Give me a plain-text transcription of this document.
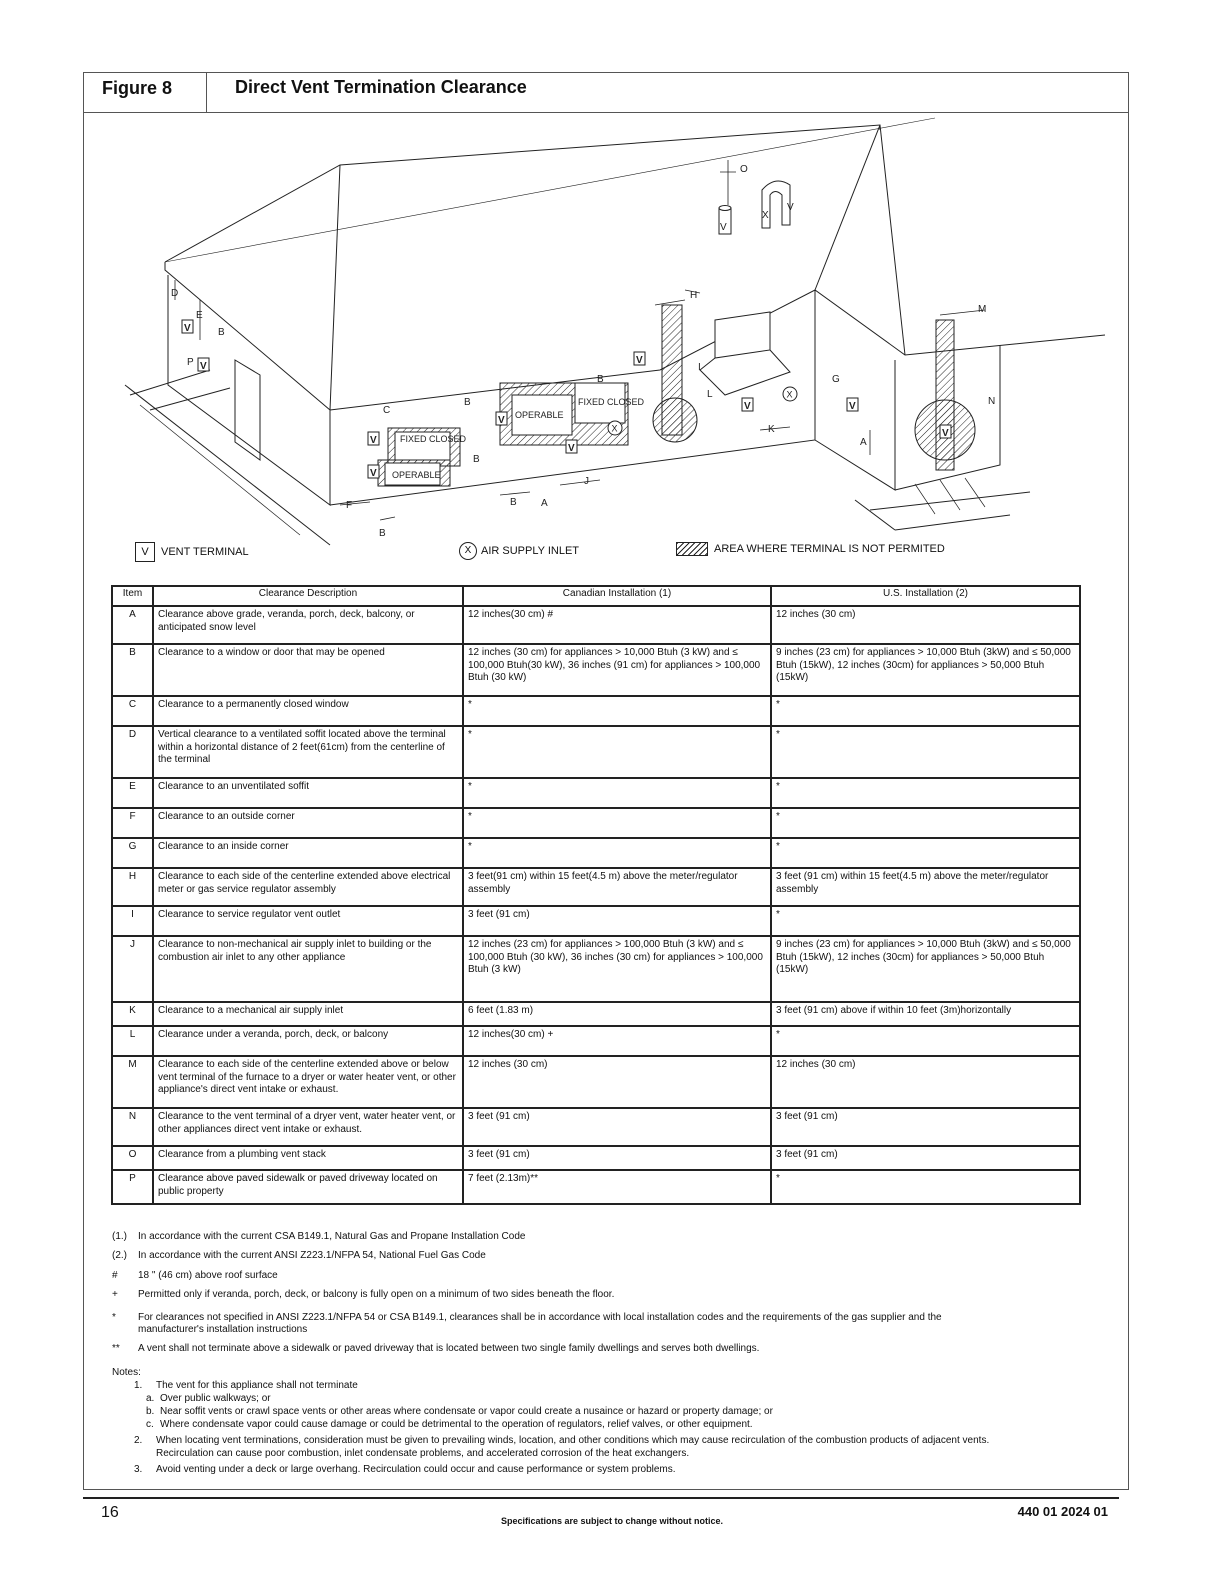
Figure 8	Direct Vent Termination Clearance
FIXED CLOSED
OPERABLE
OPERABLE
FIXED CLOSED
V
V
V
V
V
V
V
V
V
V
V
V
X
X
X
A
A
B
B
B
B
B
B
C
D
E
F
G
H
I
J
K
L
M
N
O
P
V VENT TERMINAL	X AIR SUPPLY INLET	AREA WHERE TERMINAL IS NOT PERMITED
Item	Clearance Description	Canadian Installation (1)	U.S. Installation (2)
A	Clearance above grade, veranda, porch, deck, balcony, or anticipated snow level	12 inches(30 cm) #	12 inches (30 cm)
B	Clearance to a window or door that may be opened	12 inches (30 cm) for appliances > 10,000 Btuh (3 kW) and ≤ 100,000 Btuh(30 kW), 36 inches (91 cm) for appliances > 100,000 Btuh (30 kW)	9 inches (23 cm) for appliances > 10,000 Btuh (3kW) and ≤ 50,000 Btuh (15kW), 12 inches (30cm) for appliances > 50,000 Btuh (15kW)
C	Clearance to a permanently closed window	*	*
D	Vertical clearance to a ventilated soffit located above the terminal within a horizontal distance of 2 feet(61cm) from the centerline of the terminal	*	*
E	Clearance to an unventilated soffit	*	*
F	Clearance to an outside corner	*	*
G	Clearance to an inside corner	*	*
H	Clearance to each side of the centerline extended above electrical meter or gas service regulator assembly	3 feet(91 cm) within 15 feet(4.5 m) above the meter/regulator assembly	3 feet (91 cm) within 15 feet(4.5 m) above the meter/regulator assembly
I	Clearance to service regulator vent outlet	3 feet (91 cm)	*
J	Clearance to non-mechanical air supply inlet to building or the combustion air inlet to any other appliance	12 inches (23 cm) for appliances > 100,000 Btuh (3 kW) and ≤ 100,000 Btuh (30 kW), 36 inches (30 cm) for appliances > 100,000 Btuh (3 kW)	9 inches (23 cm) for appliances > 10,000 Btuh (3kW) and ≤ 50,000 Btuh (15kW), 12 inches (30cm) for appliances > 50,000 Btuh (15kW)
K	Clearance to a mechanical air supply inlet	6 feet (1.83 m)	3 feet (91 cm) above if within 10 feet (3m)horizontally
L	Clearance under a veranda, porch, deck, or balcony	12 inches(30 cm) +	*
M	Clearance to each side of the centerline extended above or below vent terminal of the furnace to a dryer or water heater vent, or other appliance's direct vent intake or exhaust.	12 inches (30 cm)	12 inches (30 cm)
N	Clearance to the vent terminal of a dryer vent, water heater vent, or other appliances direct vent intake or exhaust.	3 feet (91 cm)	3 feet (91 cm)
O	Clearance from a plumbing vent stack	3 feet (91 cm)	3 feet (91 cm)
P	Clearance above paved sidewalk or paved driveway located on public property	7 feet (2.13m)**	*
(1.) In accordance with the current CSA B149.1, Natural Gas and Propane Installation Code
(2.) In accordance with the current ANSI Z223.1/NFPA 54, National Fuel Gas Code
# 18 " (46 cm) above roof surface
+ Permitted only if veranda, porch, deck, or balcony is fully open on a minimum of two sides beneath the floor.
* For clearances not specified in ANSI Z223.1/NFPA 54 or CSA B149.1, clearances shall be in accordance with local installation codes and the requirements of the gas supplier and the
manufacturer's installation instructions
** A vent shall not terminate above a sidewalk or paved driveway that is located between two single family dwellings and serves both dwellings.
Notes:
1. The vent for this appliance shall not terminate
a. Over public walkways; or
b. Near soffit vents or crawl space vents or other areas where condensate or vapor could create a nusaince or hazard or property damage; or
c. Where condensate vapor could cause damage or could be detrimental to the operation of regulators, relief valves, or other equipment.
2. When locating vent terminations, consideration must be given to prevailing winds, location, and other conditions which may cause recirculation of the combustion products of adjacent vents.
Recirculation can cause poor combustion, inlet condensate problems, and accelerated corrosion of the heat exchangers.
3. Avoid venting under a deck or large overhang. Recirculation could occur and cause performance or system problems.
16	Specifications are subject to change without notice.
440 01 2024 01
